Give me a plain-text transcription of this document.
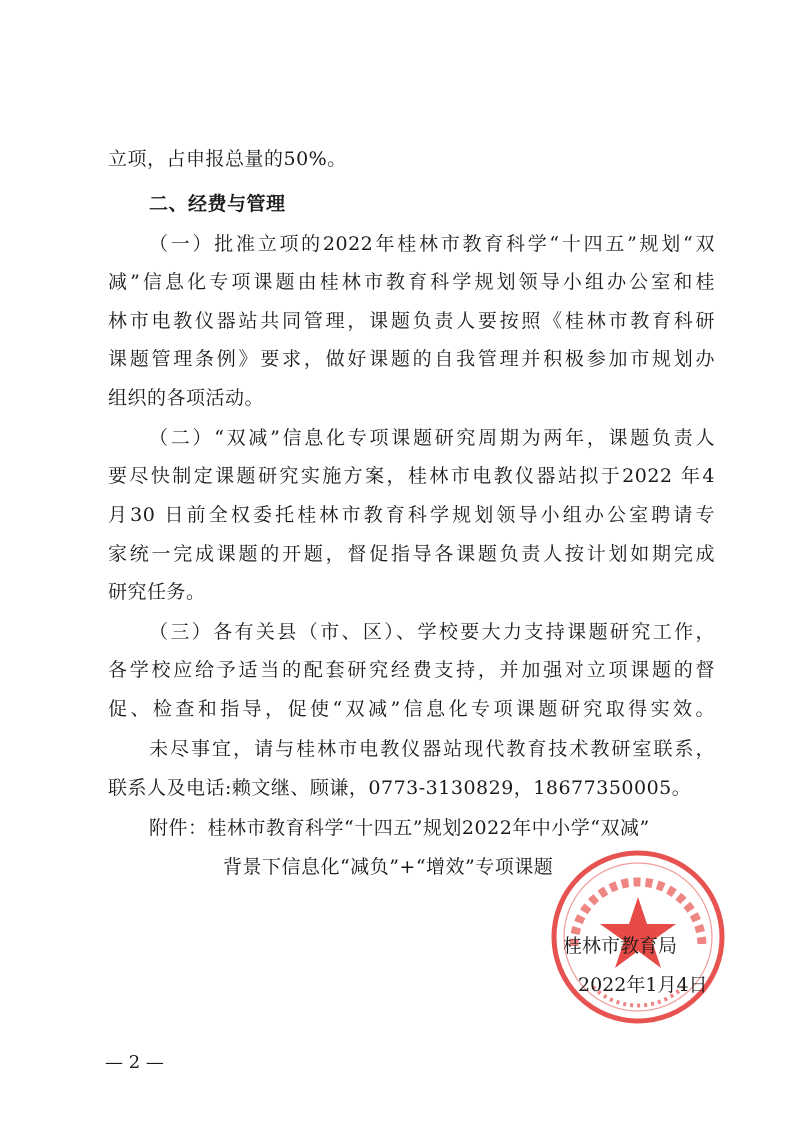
立项，占申报总量的50%。
二、经费与管理
（一）批准立项的2022年桂林市教育科学“十四五”规划“双
减”信息化专项课题由桂林市教育科学规划领导小组办公室和桂
林市电教仪器站共同管理，课题负责人要按照《桂林市教育科研
课题管理条例》要求，做好课题的自我管理并积极参加市规划办
组织的各项活动。
（二）“双减”信息化专项课题研究周期为两年，课题负责人
要尽快制定课题研究实施方案，桂林市电教仪器站拟于2022 年4
月30 日前全权委托桂林市教育科学规划领导小组办公室聘请专
家统一完成课题的开题，督促指导各课题负责人按计划如期完成
研究任务。
（三）各有关县（市、区）、学校要大力支持课题研究工作，
各学校应给予适当的配套研究经费支持，并加强对立项课题的督
促、检查和指导，促使“双减”信息化专项课题研究取得实效。
未尽事宜，请与桂林市电教仪器站现代教育技术教研室联系，
联系人及电话:赖文继、顾谦，0773-3130829，18677350005。
附件：桂林市教育科学“十四五”规划2022年中小学“双减”
背景下信息化“减负”+“增效”专项课题
桂林市教育局
2022年1月4日
— 2 —
